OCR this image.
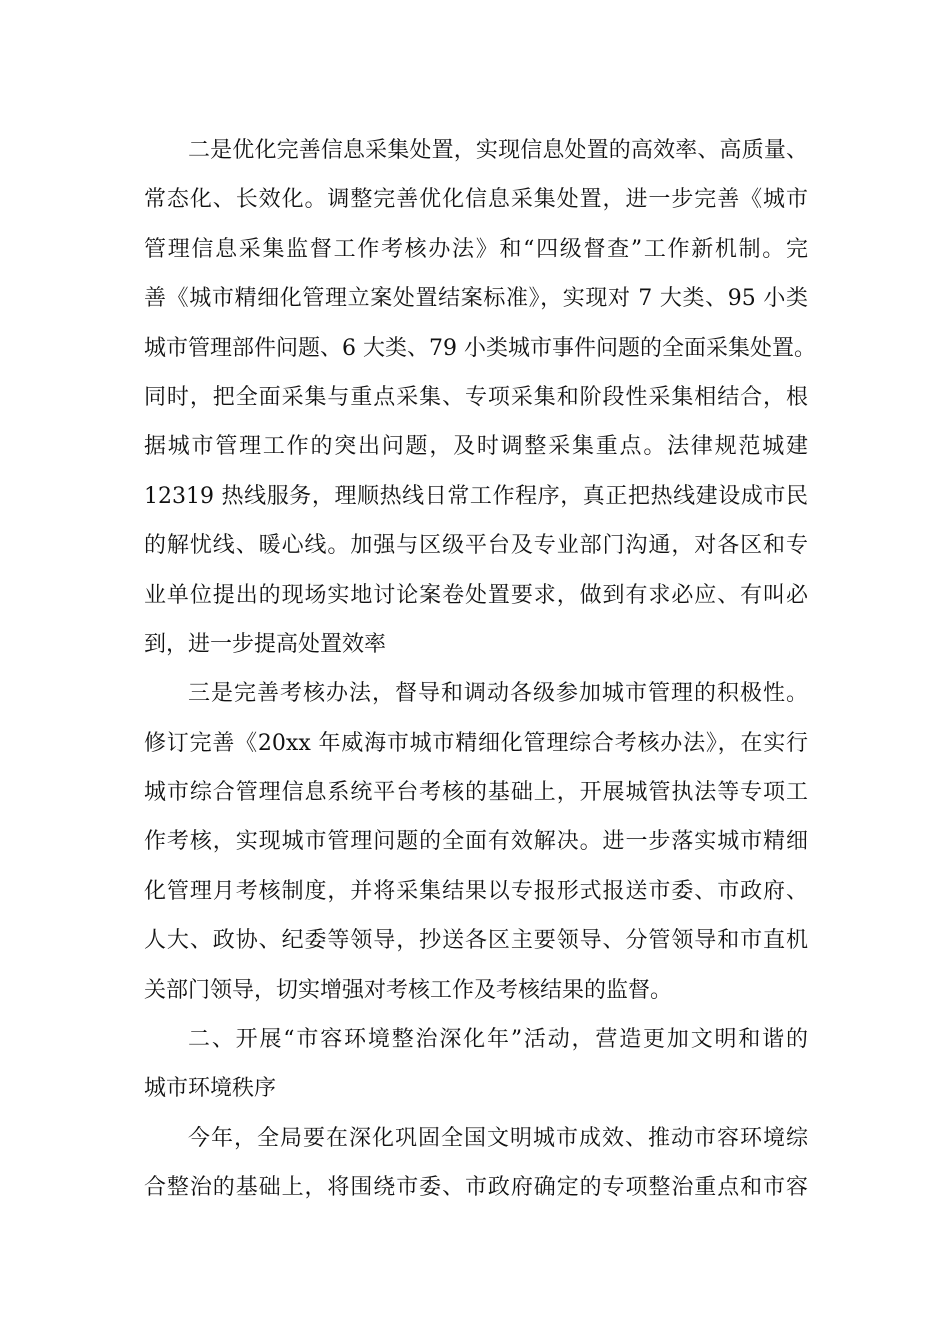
二是优化完善信息采集处置，实现信息处置的高效率、高质量、
常态化、长效化。调整完善优化信息采集处置，进一步完善《城市
管理信息采集监督工作考核办法》和“四级督查”工作新机制。完
善《城市精细化管理立案处置结案标准》，实现对 7 大类、95 小类
城市管理部件问题、6 大类、79 小类城市事件问题的全面采集处置。
同时，把全面采集与重点采集、专项采集和阶段性采集相结合，根
据城市管理工作的突出问题，及时调整采集重点。法律规范城建
12319 热线服务，理顺热线日常工作程序，真正把热线建设成市民
的解忧线、暖心线。加强与区级平台及专业部门沟通，对各区和专
业单位提出的现场实地讨论案卷处置要求，做到有求必应、有叫必
到，进一步提高处置效率
三是完善考核办法，督导和调动各级参加城市管理的积极性。
修订完善《20xx 年威海市城市精细化管理综合考核办法》，在实行
城市综合管理信息系统平台考核的基础上，开展城管执法等专项工
作考核，实现城市管理问题的全面有效解决。进一步落实城市精细
化管理月考核制度，并将采集结果以专报形式报送市委、市政府、
人大、政协、纪委等领导，抄送各区主要领导、分管领导和市直机
关部门领导，切实增强对考核工作及考核结果的监督。
二、开展“市容环境整治深化年”活动，营造更加文明和谐的
城市环境秩序
今年，全局要在深化巩固全国文明城市成效、推动市容环境综
合整治的基础上，将围绕市委、市政府确定的专项整治重点和市容
